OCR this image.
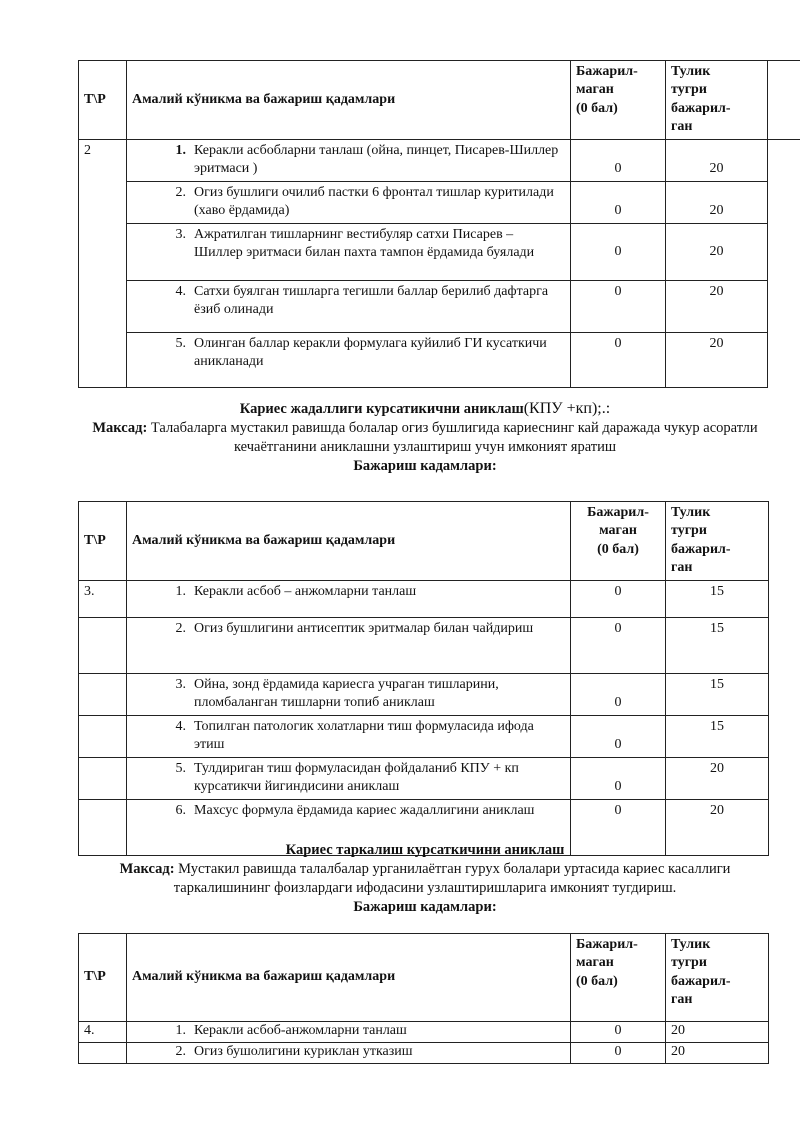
Т\Р	Амалий кўникма ва бажариш қадамлари	Бажарил-
маган
(0 бал)	Тулик
тугри
бажарил-
ган	
2	1. Керакли асбобларни танлаш (ойна, пинцет, Писарев-Шиллер эритмаси )	0	20	

	2. Огиз бушлиги очилиб пастки 6 фронтал тишлар куритилади (хаво ёрдамида)	0	20	

	3. Ажратилган тишларнинг вестибуляр сатхи Писарев – Шиллер эритмаси билан пахта тампон ёрдамида буялади	0	20	

	4. Сатхи буялган тишларга тегишли баллар берилиб дафтарга ёзиб олинади	0	20	

	5. Олинган баллар керакли формулага куйилиб ГИ кусаткичи аникланади	0	20	
Кариес жадаллиги курсатикични аниклаш(КПУ +кп);.:
Максад: Талабаларга мустакил равишда болалар огиз бушлигида кариеснинг кай даражада чукур асоратли кечаётганини аниклашни узлаштириш учун имконият яратиш
Бажариш кадамлари:
Т\Р	Амалий кўникма ва бажариш қадамлари	Бажарил-
маган
(0 бал)	Тулик
тугри
бажарил-
ган
3.	1. Керакли асбоб – анжомларни танлаш	0	15

	2. Огиз бушлигини антисептик эритмалар билан чайдириш	0	15

	3. Ойна, зонд ёрдамида кариесга учраган тишларини, пломбаланган тишларни топиб аниклаш	0	15

	4. Топилган патологик холатларни тиш формуласида ифода этиш	0	15

	5. Тулдириган тиш формуласидан фойдаланиб КПУ + кп курсатикчи йигиндисини аниклаш	0	20

	6. Махсус формула ёрдамида кариес жадаллигини аниклаш	0	20
Кариес таркалиш курсаткичини аниклаш
Максад: Мустакил равишда талалбалар урганилаётган гурух болалари уртасида кариес касаллиги таркалишининг фоизлардаги ифодасини узлаштиришларига имконият тугдириш.
Бажариш кадамлари:
Т\Р	Амалий кўникма ва бажариш қадамлари	Бажарил-
маган
(0 бал)	Тулик
тугри
бажарил-
ган
4.	1. Керакли асбоб-анжомларни танлаш	0	20

	2. Огиз бушолигини куриклан утказиш	0	20
